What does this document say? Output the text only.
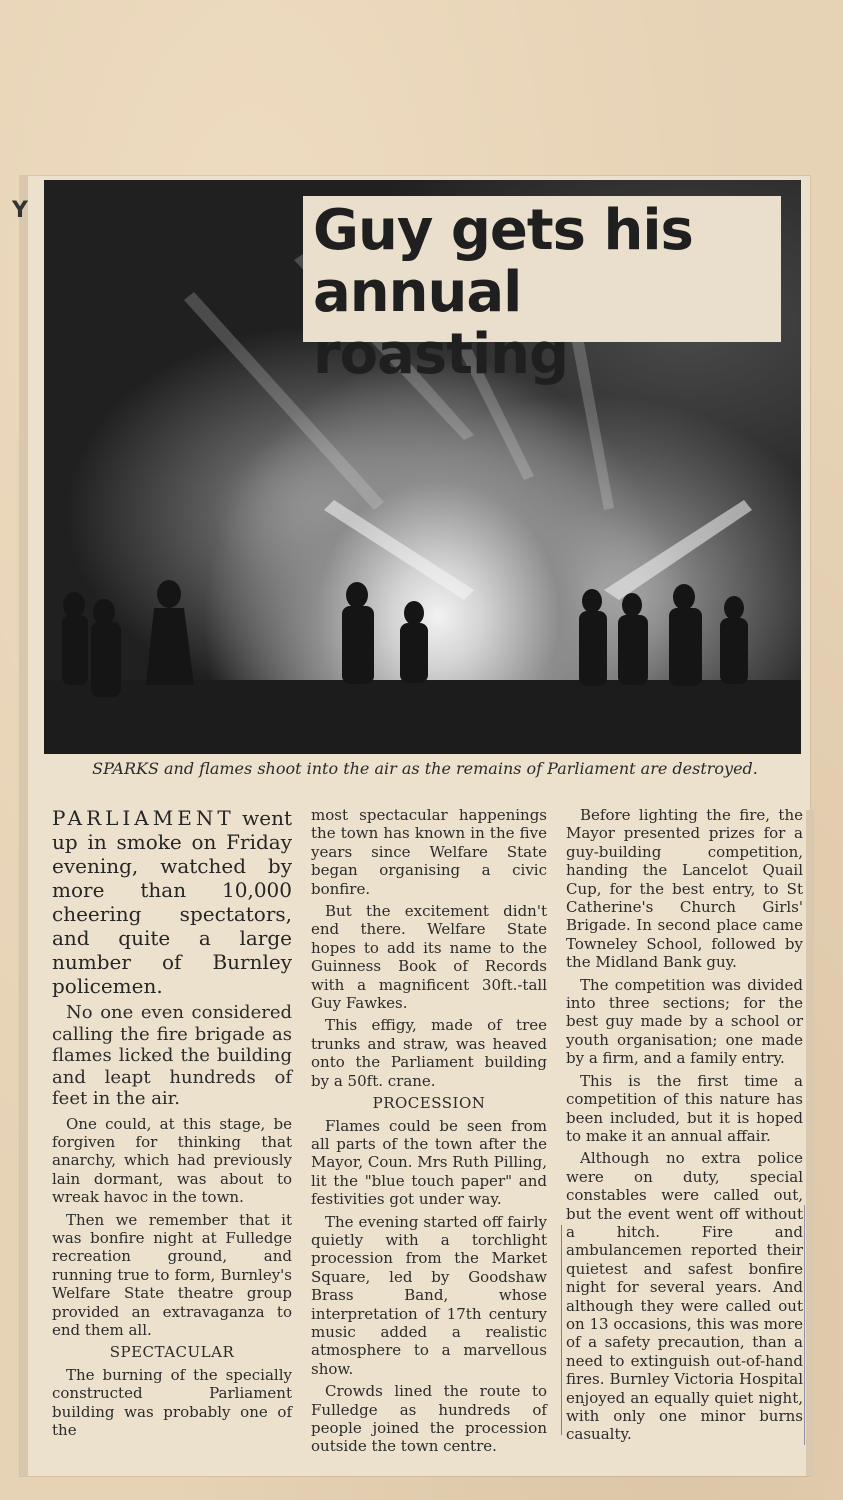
Y	Guy gets his
annual roasting
SPARKS and flames shoot into the air as the remains of Parliament are destroyed.

PARLIAMENT went up in smoke on Friday evening, watched by more than 10,000 cheering spectators, and quite a large number of Burnley policemen.

No one even considered calling the fire brigade as flames licked the building and leapt hundreds of feet in the air.

One could, at this stage, be forgiven for thinking that anarchy, which had previously lain dormant, was about to wreak havoc in the town.

Then we remember that it was bonfire night at Fulledge recreation ground, and running true to form, Burnley's Welfare State theatre group provided an extravaganza to end them all.

SPECTACULAR

The burning of the specially constructed Parliament building was probably one of the

most spectacular happenings the town has known in the five years since Welfare State began organising a civic bonfire.

But the excitement didn't end there. Welfare State hopes to add its name to the Guinness Book of Records with a magnificent 30ft.-tall Guy Fawkes.

This effigy, made of tree trunks and straw, was heaved onto the Parliament building by a 50ft. crane.

PROCESSION

Flames could be seen from all parts of the town after the Mayor, Coun. Mrs Ruth Pilling, lit the "blue touch paper" and festivities got under way.

The evening started off fairly quietly with a torchlight procession from the Market Square, led by Goodshaw Brass Band, whose interpretation of 17th century music added a realistic atmosphere to a marvellous show.

Crowds lined the route to Fulledge as hundreds of people joined the procession outside the town centre.

Before lighting the fire, the Mayor presented prizes for a guy-building competition, handing the Lancelot Quail Cup, for the best entry, to St Catherine's Church Girls' Brigade. In second place came Towneley School, followed by the Midland Bank guy.

The competition was divided into three sections; for the best guy made by a school or youth organisation; one made by a firm, and a family entry.

This is the first time a competition of this nature has been included, but it is hoped to make it an annual affair.

Although no extra police were on duty, special constables were called out, but the event went off without a hitch. Fire and ambulancemen reported their quietest and safest bonfire night for several years. And although they were called out on 13 occasions, this was more of a safety precaution, than a need to extinguish out-of-hand fires. Burnley Victoria Hospital enjoyed an equally quiet night, with only one minor burns casualty.
